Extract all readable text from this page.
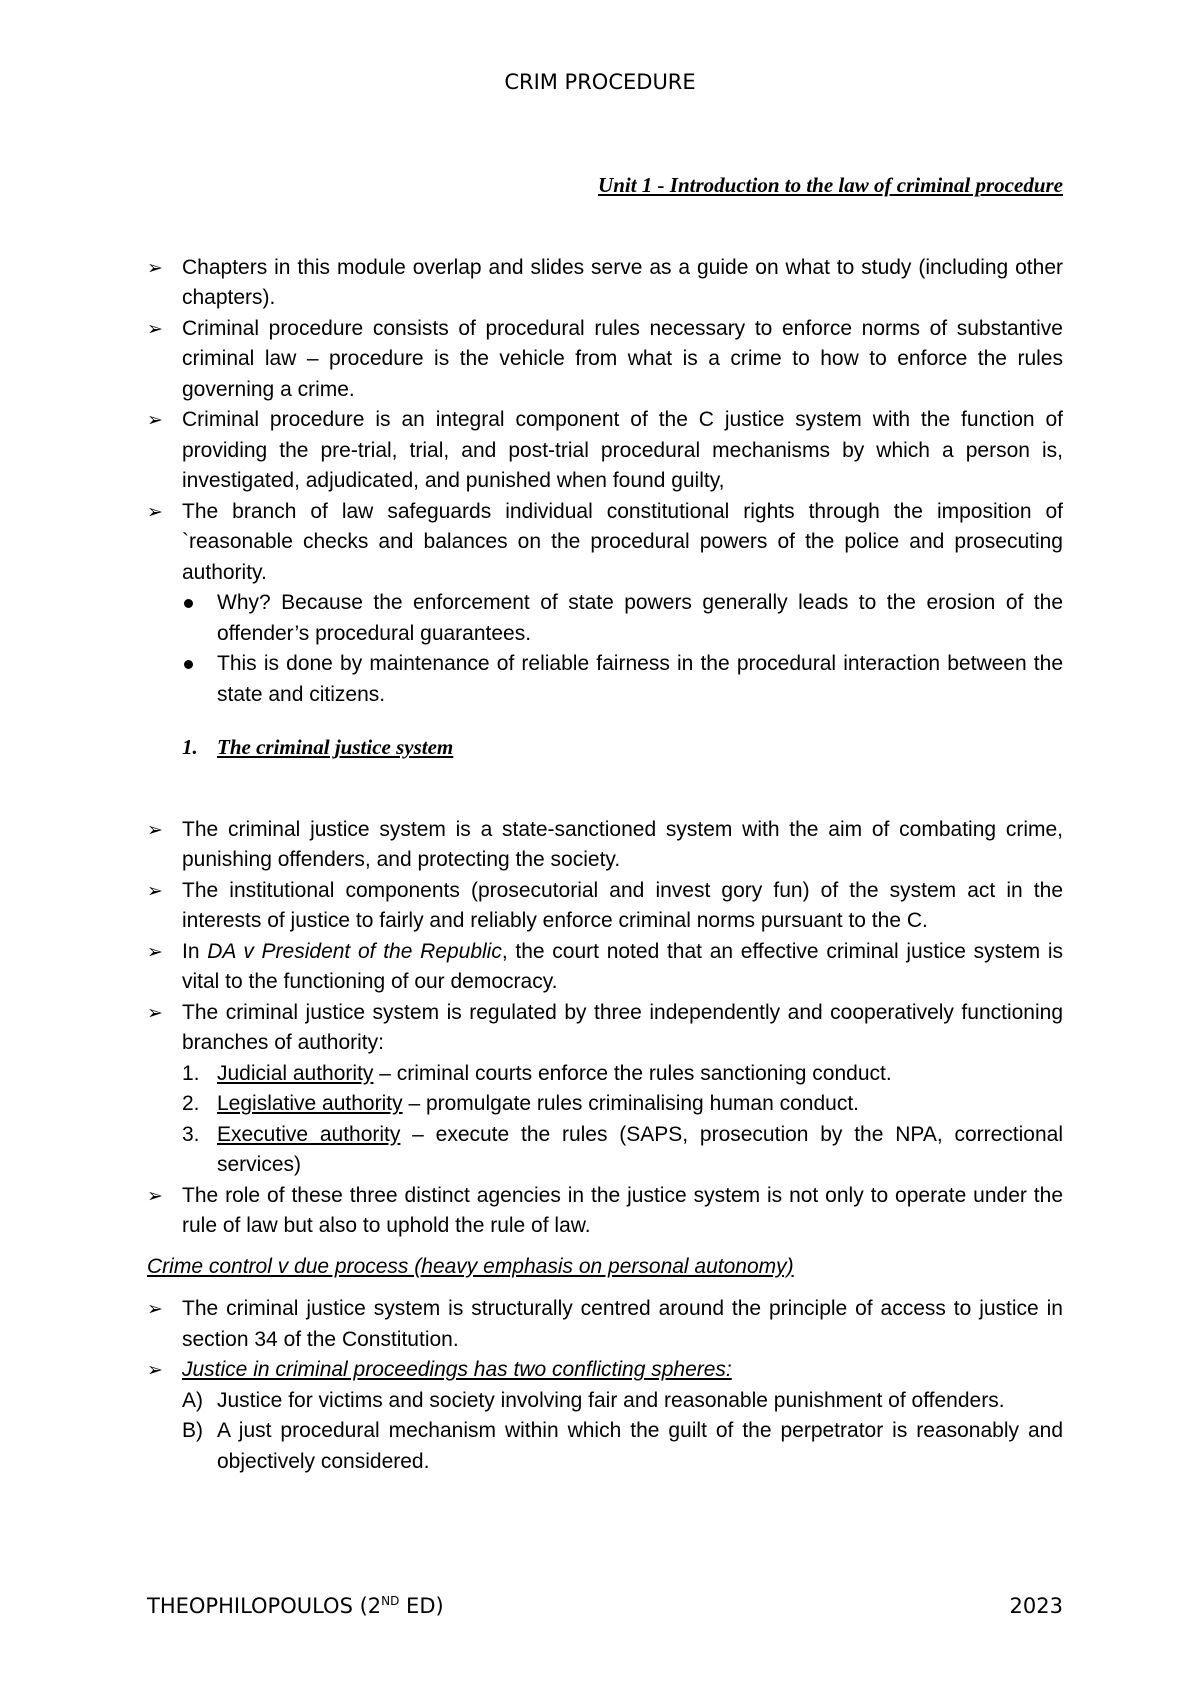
CRIM PROCEDURE
Unit 1 - Introduction to the law of criminal procedure
➢ Chapters in this module overlap and slides serve as a guide on what to study (including other chapters).
➢ Criminal procedure consists of procedural rules necessary to enforce norms of substantive criminal law – procedure is the vehicle from what is a crime to how to enforce the rules governing a crime.
➢ Criminal procedure is an integral component of the C justice system with the function of providing the pre-trial, trial, and post-trial procedural mechanisms by which a person is, investigated, adjudicated, and punished when found guilty,
➢ The branch of law safeguards individual constitutional rights through the imposition of `reasonable checks and balances on the procedural powers of the police and prosecuting authority.
Why? Because the enforcement of state powers generally leads to the erosion of the offender’s procedural guarantees.
This is done by maintenance of reliable fairness in the procedural interaction between the state and citizens.
1. The criminal justice system
➢ The criminal justice system is a state-sanctioned system with the aim of combating crime, punishing offenders, and protecting the society.
➢ The institutional components (prosecutorial and invest gory fun) of the system act in the interests of justice to fairly and reliably enforce criminal norms pursuant to the C.
➢ In DA v President of the Republic, the court noted that an effective criminal justice system is vital to the functioning of our democracy.
➢ The criminal justice system is regulated by three independently and cooperatively functioning branches of authority:
1. Judicial authority – criminal courts enforce the rules sanctioning conduct.
2. Legislative authority – promulgate rules criminalising human conduct.
3. Executive authority – execute the rules (SAPS, prosecution by the NPA, correctional services)
➢ The role of these three distinct agencies in the justice system is not only to operate under the rule of law but also to uphold the rule of law.
Crime control v due process (heavy emphasis on personal autonomy)
➢ The criminal justice system is structurally centred around the principle of access to justice in section 34 of the Constitution.
➢ Justice in criminal proceedings has two conflicting spheres:
A) Justice for victims and society involving fair and reasonable punishment of offenders.
B) A just procedural mechanism within which the guilt of the perpetrator is reasonably and objectively considered.
THEOPHILOPOULOS (2ND ED)	2023
